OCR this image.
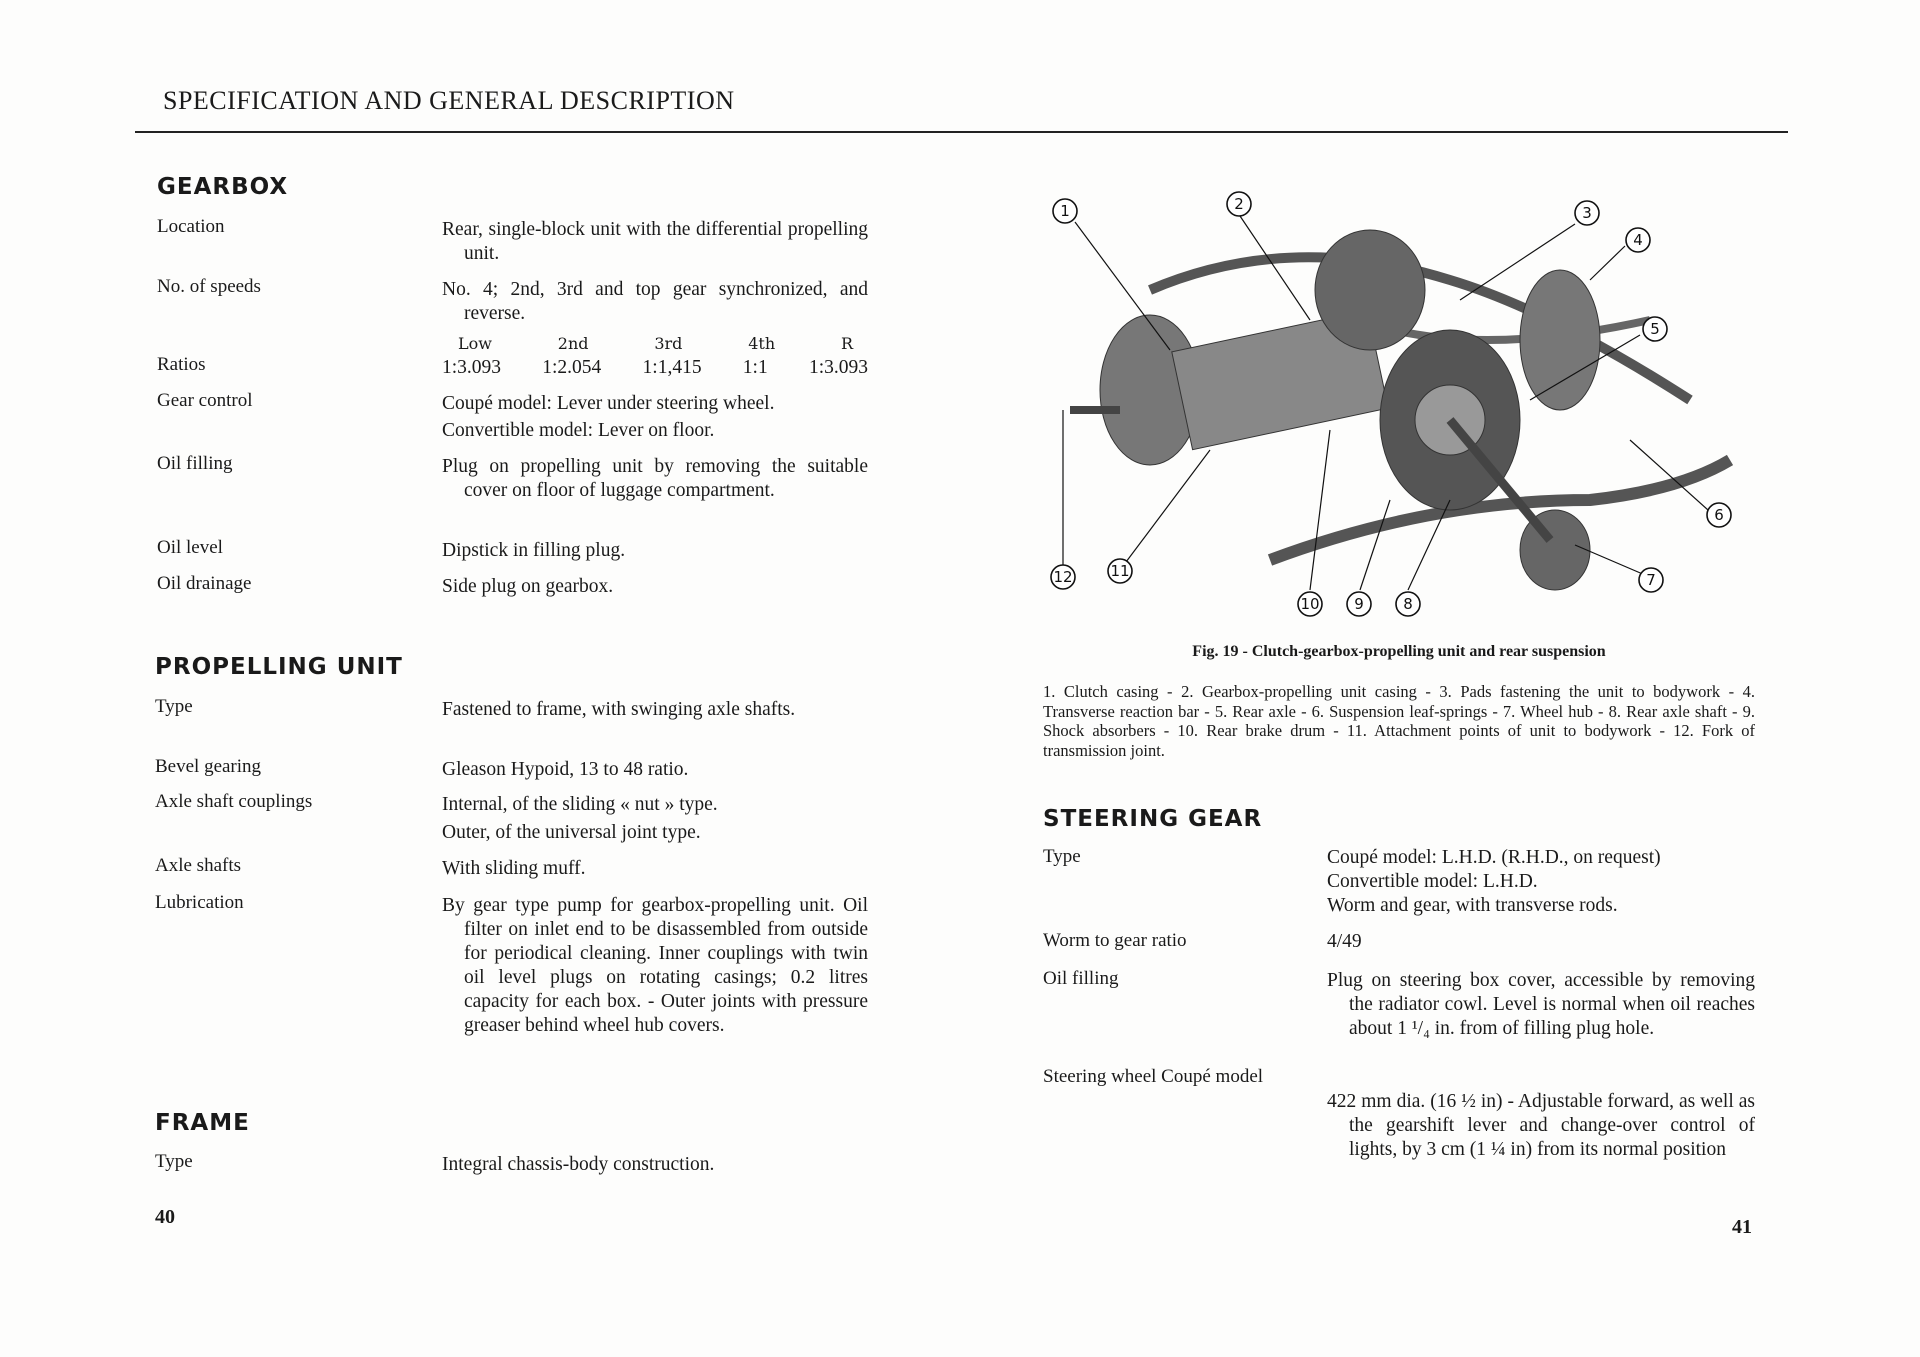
SPECIFICATION AND GENERAL DESCRIPTION
GEARBOX
Location	Rear, single-block unit with the differential propelling unit.
No. of speeds	No. 4; 2nd, 3rd and top gear synchronized, and reverse.
Low	2nd	3rd	4th	R
Ratios	1:3.093 1:2.054 1:1,415 1:1 1:3.093
Gear control	Coupé model: Lever under steering wheel.
Convertible model: Lever on floor.
Oil filling	Plug on propelling unit by removing the suitable cover on floor of luggage compartment.
Oil level	Dipstick in filling plug.
Oil drainage	Side plug on gearbox.
PROPELLING UNIT
Type	Fastened to frame, with swinging axle shafts.
Bevel gearing	Gleason Hypoid, 13 to 48 ratio.
Axle shaft couplings	Internal, of the sliding « nut » type.
Outer, of the universal joint type.
Axle shafts	With sliding muff.
Lubrication	By gear type pump for gearbox-propelling unit. Oil filter on inlet end to be disassembled from outside for periodical cleaning. Inner couplings with twin oil level plugs on rotating casings; 0.2 litres capacity for each box. - Outer joints with pressure greaser behind wheel hub covers.
FRAME
Type	Integral chassis-body construction.
40
1	2	3
4
5
6
7
8
9
10
11
12
Fig. 19 - Clutch-gearbox-propelling unit and rear suspension
1. Clutch casing - 2. Gearbox-propelling unit casing - 3. Pads fastening the unit to bodywork - 4. Transverse reaction bar - 5. Rear axle - 6. Suspension leaf-springs - 7. Wheel hub - 8. Rear axle shaft - 9. Shock absorbers - 10. Rear brake drum - 11. Attachment points of unit to bodywork - 12. Fork of transmission joint.
STEERING GEAR
Type	Coupé model: L.H.D. (R.H.D., on request)
Convertible model: L.H.D.
Worm and gear, with transverse rods.
Worm to gear ratio	4/49
Oil filling	Plug on steering box cover, accessible by removing the radiator cowl. Level is normal when oil reaches about 1 ¹/₄ in. from of filling plug hole.
Steering wheel Coupé model
422 mm dia. (16 ½ in) - Adjustable forward, as well as the gearshift lever and change-over control of lights, by 3 cm (1 ¼ in) from its normal position
41
